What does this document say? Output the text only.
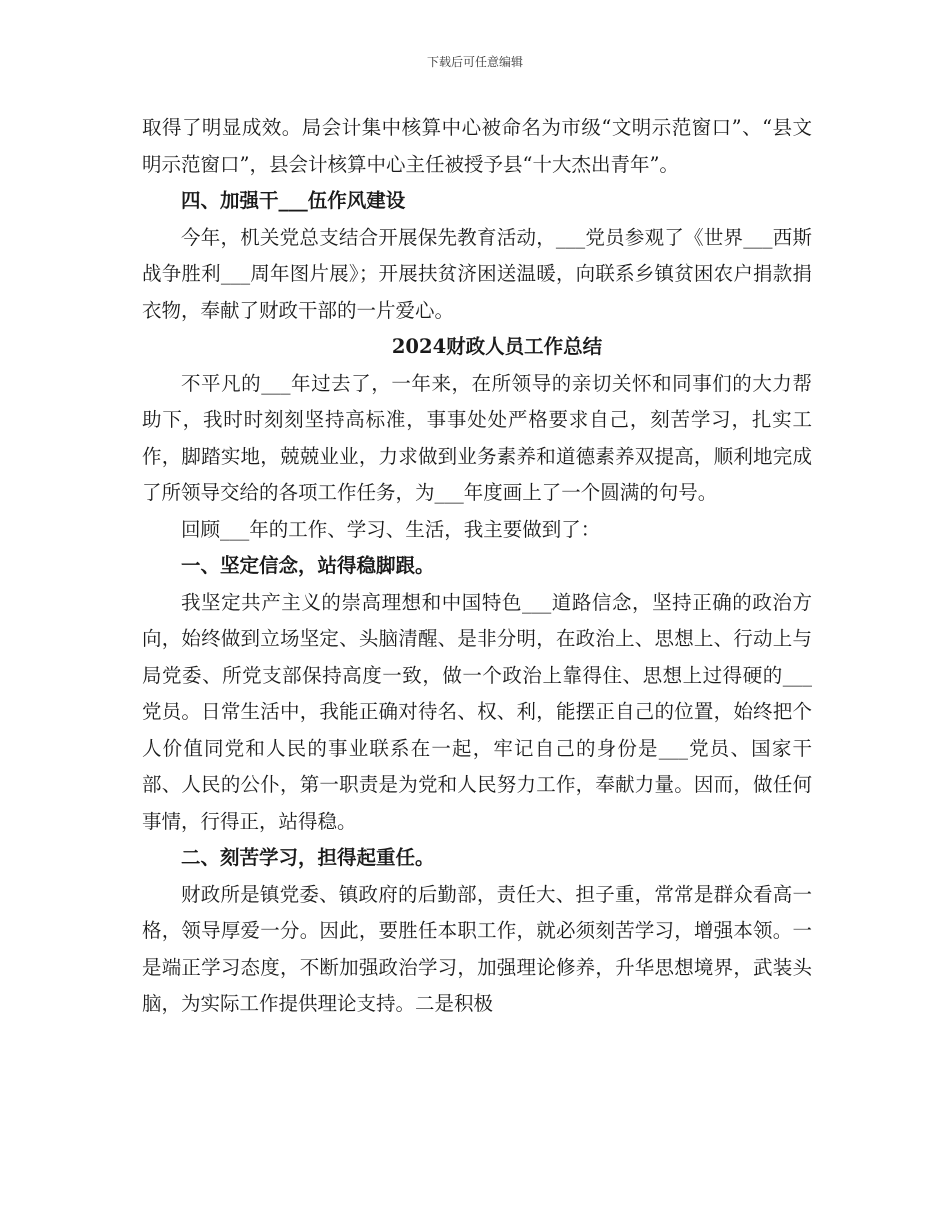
下载后可任意编辑

取得了明显成效。局会计集中核算中心被命名为市级“文明示范窗口”、“县文明示范窗口”，县会计核算中心主任被授予县“十大杰出青年”。

四、加强干___伍作风建设

今年，机关党总支结合开展保先教育活动，___党员参观了《世界___西斯战争胜利___周年图片展》；开展扶贫济困送温暖，向联系乡镇贫困农户捐款捐衣物，奉献了财政干部的一片爱心。

2024财政人员工作总结

不平凡的___年过去了，一年来，在所领导的亲切关怀和同事们的大力帮助下，我时时刻刻坚持高标准，事事处处严格要求自己，刻苦学习，扎实工作，脚踏实地，兢兢业业，力求做到业务素养和道德素养双提高，顺利地完成了所领导交给的各项工作任务，为___年度画上了一个圆满的句号。

回顾___年的工作、学习、生活，我主要做到了：

一、坚定信念，站得稳脚跟。

我坚定共产主义的崇高理想和中国特色___道路信念，坚持正确的政治方向，始终做到立场坚定、头脑清醒、是非分明，在政治上、思想上、行动上与局党委、所党支部保持高度一致，做一个政治上靠得住、思想上过得硬的___党员。日常生活中，我能正确对待名、权、利，能摆正自己的位置，始终把个人价值同党和人民的事业联系在一起，牢记自己的身份是___党员、国家干部、人民的公仆，第一职责是为党和人民努力工作，奉献力量。因而，做任何事情，行得正，站得稳。

二、刻苦学习，担得起重任。

财政所是镇党委、镇政府的后勤部，责任大、担子重，常常是群众看高一格，领导厚爱一分。因此，要胜任本职工作，就必须刻苦学习，增强本领。一是端正学习态度，不断加强政治学习，加强理论修养，升华思想境界，武装头脑，为实际工作提供理论支持。二是积极
